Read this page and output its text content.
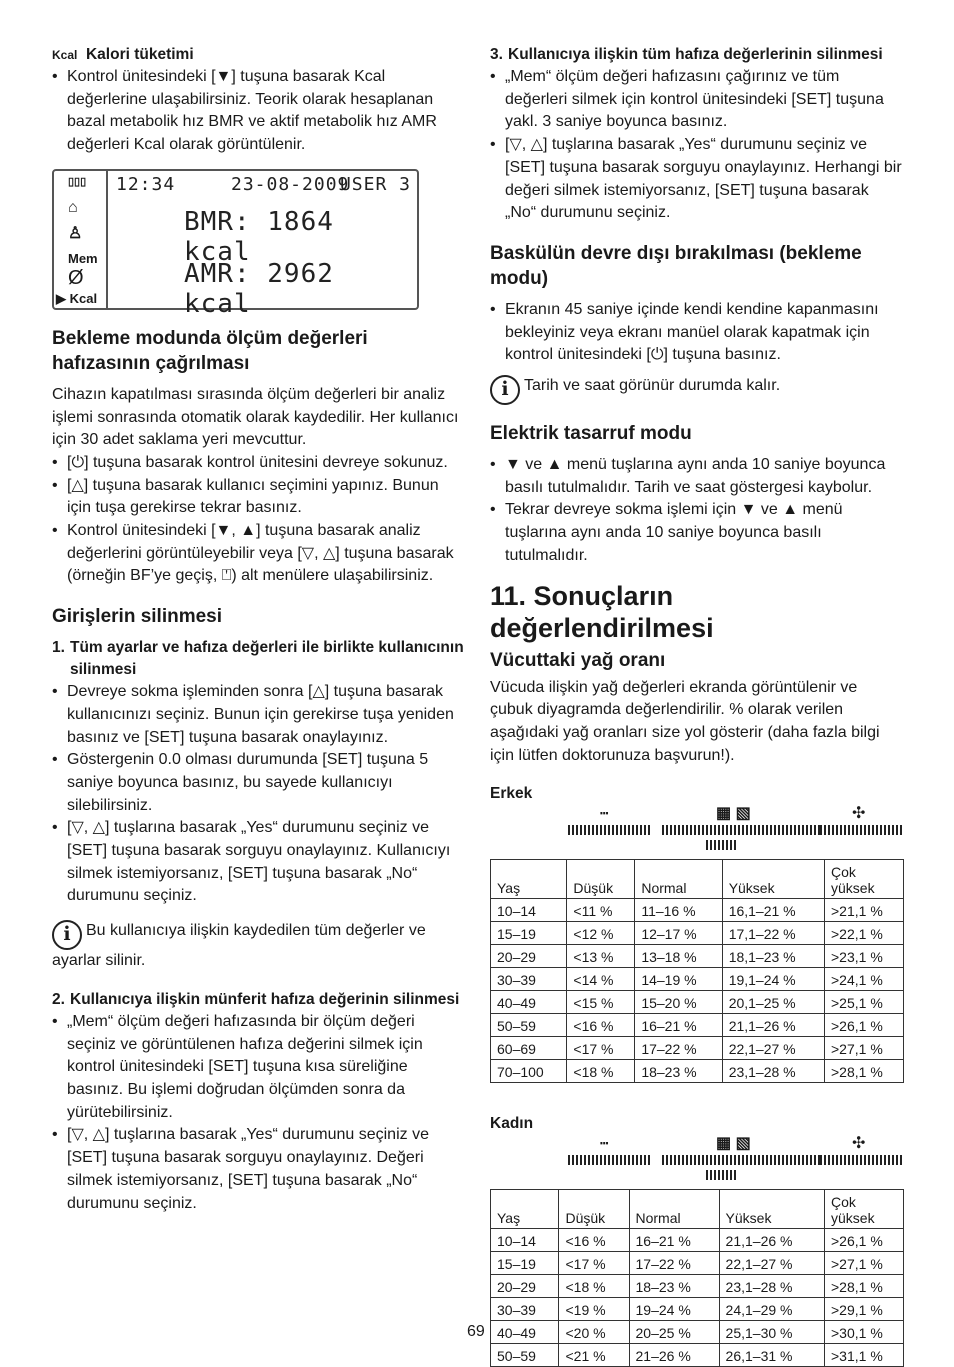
Kcal Kalori tüketimi

• Kontrol ünitesindeki [▼] tuşuna basarak Kcal değerlerine ulaşabilirsiniz. Teorik olarak hesaplanan bazal metabolik hız BMR ve aktif metabolik hız AMR değerleri Kcal olarak görüntülenir.
12:34	23-08-2009
USER 3
▯▯▯
⌂
♙
Mem
Ø
▶ Kcal
BMR: 1864 kcal
AMR: 2962 kcal

Bekleme modunda ölçüm değerleri hafızasının çağrılması

Cihazın kapatılması sırasında ölçüm değerleri bir analiz işlemi sonrasında otomatik olarak kaydedilir. Her kullanıcı için 30 adet saklama yeri mevcuttur.

• [⏻] tuşuna basarak kontrol ünitesini devreye sokunuz.
• [△] tuşuna basarak kullanıcı seçimini yapınız. Bunun için tuşa gerekirse tekrar basınız.
• Kontrol ünitesindeki [▼, ▲] tuşuna basarak analiz değerlerini görüntüleyebilir veya [▽, △] tuşuna basarak (örneğin BF’ye geçiş, ⍞) alt menülere ulaşabilirsiniz.

Girişlerin silinmesi

1. Tüm ayarlar ve hafıza değerleri ile birlikte kullanıcının silinmesi
• Devreye sokma işleminden sonra [△] tuşuna basarak kullanıcınızı seçiniz. Bunun için gerekirse tuşa yeniden basınız ve [SET] tuşuna basarak onaylayınız.
• Göstergenin 0.0 olması durumunda [SET] tuşuna 5 saniye boyunca basınız, bu sayede kullanıcıyı silebilirsiniz.
• [▽, △] tuşlarına basarak „Yes“ durumunu seçiniz ve [SET] tuşuna basarak sorguyu onaylayınız. Kullanıcıyı silmek istemiyorsanız, [SET] tuşuna basarak „No“ durumunu seçiniz.

i Bu kullanıcıya ilişkin kaydedilen tüm değerler ve ayarlar silinir.

2. Kullanıcıya ilişkin münferit hafıza değerinin silinmesi
• „Mem“ ölçüm değeri hafızasında bir ölçüm değeri seçiniz ve görüntülenen hafıza değerini silmek için kontrol ünitesindeki [SET] tuşuna kısa süreliğine basınız. Bu işlemi doğrudan ölçümden sonra da yürütebilirsiniz.
• [▽, △] tuşlarına basarak „Yes“ durumunu seçiniz ve [SET] tuşuna basarak sorguyu onaylayınız. Değeri silmek istemiyorsanız, [SET] tuşuna basarak „No“ durumunu seçiniz.
3. Kullanıcıya ilişkin tüm hafıza değerlerinin silinmesi
• „Mem“ ölçüm değeri hafızasını çağırınız ve tüm değerleri silmek için kontrol ünitesindeki [SET] tuşuna yakl. 3 saniye boyunca basınız.
• [▽, △] tuşlarına basarak „Yes“ durumunu seçiniz ve [SET] tuşuna basarak sorguyu onaylayınız. Herhangi bir değeri silmek istemiyorsanız, [SET] tuşuna basarak „No“ durumunu seçiniz.

Baskülün devre dışı bırakılması (bekleme modu)

• Ekranın 45 saniye içinde kendi kendine kapanmasını bekleyiniz veya ekranı manüel olarak kapatmak için kontrol ünitesindeki [⏻] tuşuna basınız.

i Tarih ve saat görünür durumda kalır.

Elektrik tasarruf modu

• ▼ ve ▲ menü tuşlarına aynı anda 10 saniye boyunca basılı tutulmalıdır. Tarih ve saat göstergesi kaybolur.
• Tekrar devreye sokma işlemi için ▼ ve ▲ menü tuşlarına aynı anda 10 saniye boyunca basılı tutulmalıdır.

11. Sonuçların değerlendirilmesi

Vücuttaki yağ oranı

Vücuda ilişkin yağ değerleri ekranda görüntülenir ve çubuk diyagramda değerlendirilir. % olarak verilen aşağıdaki yağ oranları size yol gösterir (daha fazla bilgi için lütfen doktorunuza başvurun!).

Erkek

┅	▦ ▧	✣
Yaş	Düşük	Normal	Yüksek	Çok yüksek
10–14	<11 %	11–16 %	16,1–21 %	>21,1 %
15–19	<12 %	12–17 %	17,1–22 %	>22,1 %
20–29	<13 %	13–18 %	18,1–23 %	>23,1 %
30–39	<14 %	14–19 %	19,1–24 %	>24,1 %
40–49	<15 %	15–20 %	20,1–25 %	>25,1 %
50–59	<16 %	16–21 %	21,1–26 %	>26,1 %
60–69	<17 %	17–22 %	22,1–27 %	>27,1 %
70–100	<18 %	18–23 %	23,1–28 %	>28,1 %

Kadın

┅	▦ ▧	✣
Yaş	Düşük	Normal	Yüksek	Çok yüksek
10–14	<16 %	16–21 %	21,1–26 %	>26,1 %
15–19	<17 %	17–22 %	22,1–27 %	>27,1 %
20–29	<18 %	18–23 %	23,1–28 %	>28,1 %
30–39	<19 %	19–24 %	24,1–29 %	>29,1 %
40–49	<20 %	20–25 %	25,1–30 %	>30,1 %
50–59	<21 %	21–26 %	26,1–31 %	>31,1 %
69
